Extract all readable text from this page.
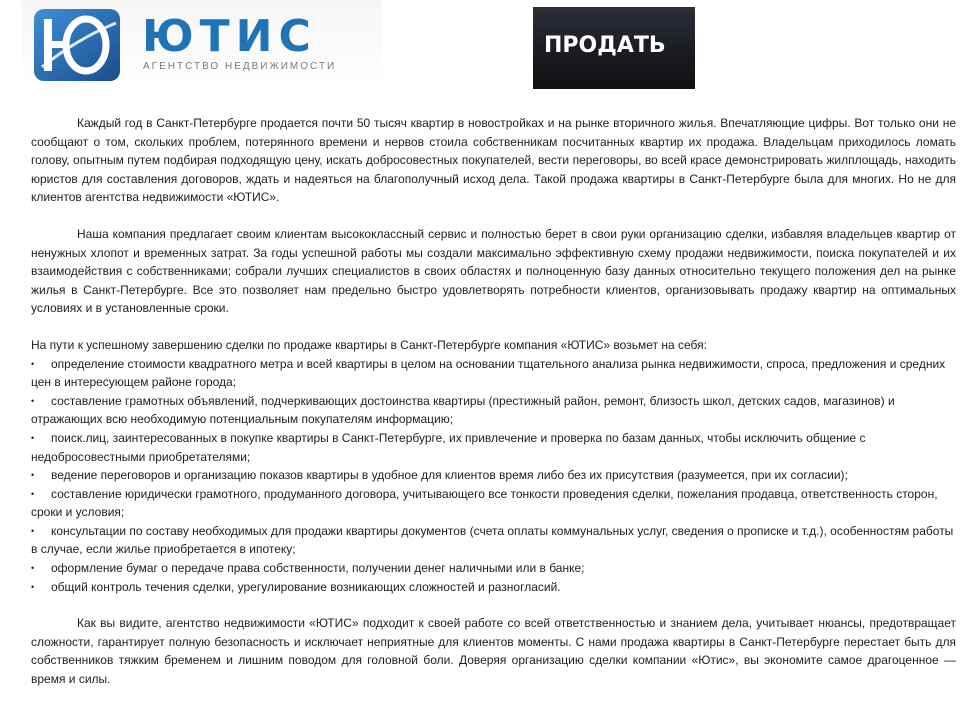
ЮТИС
АГЕНТСТВО НЕДВИЖИМОСТИ
ПРОДАТЬ

Каждый год в Санкт-Петербурге продается почти 50 тысяч квартир в новостройках и на рынке вторичного жилья. Впечатляющие цифры. Вот только они не сообщают о том, скольких проблем, потерянного времени и нервов стоила собственникам посчитанных квартир их продажа. Владельцам приходилось ломать голову, опытным путем подбирая подходящую цену, искать добросовестных покупателей, вести переговоры, во всей красе демонстрировать жилплощадь, находить юристов для составления договоров, ждать и надеяться на благополучный исход дела. Такой продажа квартиры в Санкт-Петербурге была для многих. Но не для клиентов агентства недвижимости «ЮТИС».

Наша компания предлагает своим клиентам высококлассный сервис и полностью берет в свои руки организацию сделки, избавляя владельцев квартир от ненужных хлопот и временных затрат. За годы успешной работы мы создали максимально эффективную схему продажи недвижимости, поиска покупателей и их взаимодействия с собственниками; собрали лучших специалистов в своих областях и полноценную базу данных относительно текущего положения дел на рынке жилья в Санкт-Петербурге. Все это позволяет нам предельно быстро удовлетворять потребности клиентов, организовывать продажу квартир на оптимальных условиях и в установленные сроки.

На пути к успешному завершению сделки по продаже квартиры в Санкт-Петербурге компания «ЮТИС» возьмет на себя:

• определение стоимости квадратного метра и всей квартиры в целом на основании тщательного анализа рынка недвижимости, спроса, предложения и средних цен в интересующем районе города;
• составление грамотных объявлений, подчеркивающих достоинства квартиры (престижный район, ремонт, близость школ, детских садов, магазинов) и отражающих всю необходимую потенциальным покупателям информацию;
• поиск.лиц, заинтересованных в покупке квартиры в Санкт-Петербурге, их привлечение и проверка по базам данных, чтобы исключить общение с недобросовестными приобретателями;
• ведение переговоров и организацию показов квартиры в удобное для клиентов время либо без их присутствия (разумеется, при их согласии);
• составление юридически грамотного, продуманного договора, учитывающего все тонкости проведения сделки, пожелания продавца, ответственность сторон, сроки и условия;
• консультации по составу необходимых для продажи квартиры документов (счета оплаты коммунальных услуг, сведения о прописке и т.д.), особенностям работы в случае, если жилье приобретается в ипотеку;
• оформление бумаг о передаче права собственности, получении денег наличными или в банке;
• общий контроль течения сделки, урегулирование возникающих сложностей и разногласий.

Как вы видите, агентство недвижимости «ЮТИС» подходит к своей работе со всей ответственностью и знанием дела, учитывает нюансы, предотвращает сложности, гарантирует полную безопасность и исключает неприятные для клиентов моменты. С нами продажа квартиры в Санкт-Петербурге перестает быть для собственников тяжким бременем и лишним поводом для головной боли. Доверяя организацию сделки компании «Ютис», вы экономите самое драгоценное — время и силы.
